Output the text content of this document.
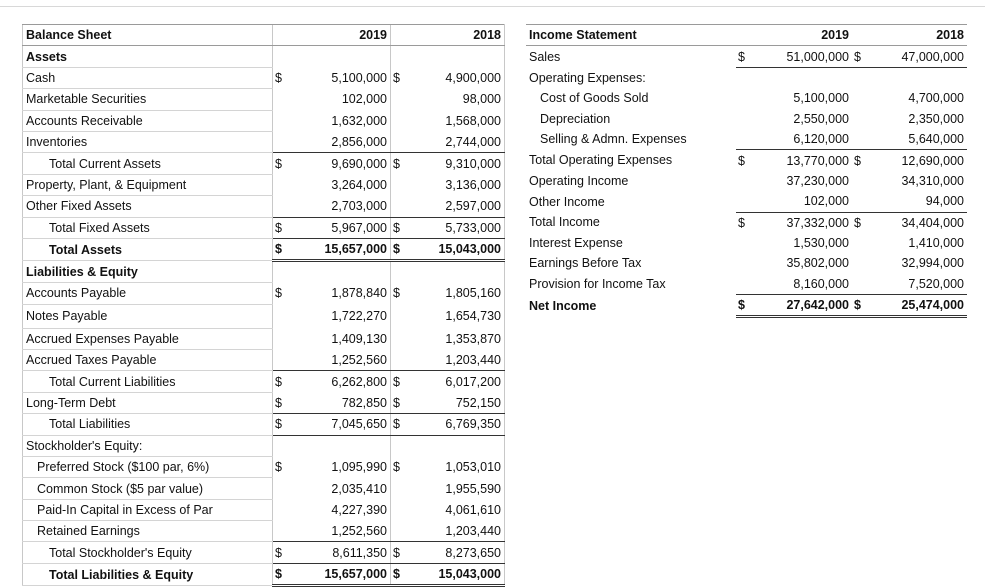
Balance Sheet		2019		2018
Assets				
Cash	$	5,100,000	$	4,900,000
Marketable Securities		102,000		98,000
Accounts Receivable		1,632,000		1,568,000
Inventories		2,856,000		2,744,000
Total Current Assets	$	9,690,000	$	9,310,000
Property, Plant, & Equipment		3,264,000		3,136,000
Other Fixed Assets		2,703,000		2,597,000
Total Fixed Assets	$	5,967,000	$	5,733,000
Total Assets	$	15,657,000	$	15,043,000
Liabilities & Equity				
Accounts Payable	$	1,878,840	$	1,805,160
Notes Payable		1,722,270		1,654,730
Accrued Expenses Payable		1,409,130		1,353,870
Accrued Taxes Payable		1,252,560		1,203,440
Total Current Liabilities	$	6,262,800	$	6,017,200
Long-Term Debt	$	782,850	$	752,150
Total Liabilities	$	7,045,650	$	6,769,350
Stockholder's Equity:				
Preferred Stock ($100 par, 6%)	$	1,095,990	$	1,053,010
Common Stock ($5 par value)		2,035,410		1,955,590
Paid-In Capital in Excess of Par		4,227,390		4,061,610
Retained Earnings		1,252,560		1,203,440
Total Stockholder's Equity	$	8,611,350	$	8,273,650
Total Liabilities & Equity	$	15,657,000	$	15,043,000
Income Statement		2019		2018
Sales	$	51,000,000	$	47,000,000
Operating Expenses:				
Cost of Goods Sold		5,100,000		4,700,000
Depreciation		2,550,000		2,350,000
Selling & Admn. Expenses		6,120,000		5,640,000
Total Operating Expenses	$	13,770,000	$	12,690,000
Operating Income		37,230,000		34,310,000
Other Income		102,000		94,000
Total Income	$	37,332,000	$	34,404,000
Interest Expense		1,530,000		1,410,000
Earnings Before Tax		35,802,000		32,994,000
Provision for Income Tax		8,160,000		7,520,000
Net Income	$	27,642,000	$	25,474,000
